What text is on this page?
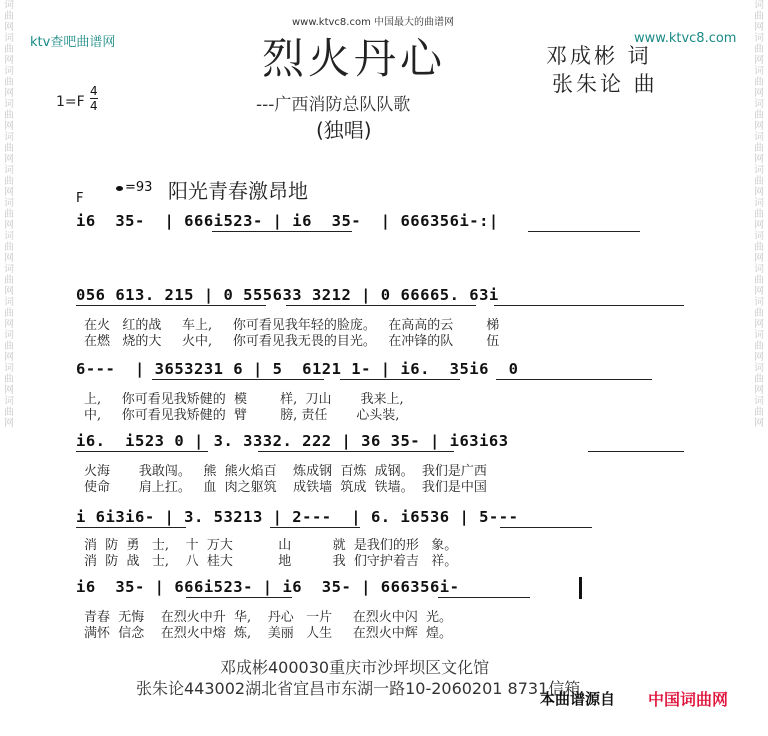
词曲网词曲网词曲网词曲网词曲网词曲网词曲网词曲网词曲网词曲网词曲网词曲网词曲网
词曲网词曲网词曲网词曲网词曲网词曲网词曲网词曲网词曲网词曲网词曲网词曲网词曲网
ktv查吧曲谱网	www.ktvc8.com
www.ktvc8.com 中国最大的曲谱网
烈火丹心
---广西消防总队队歌
(独唱)
邓成彬 词
张朱论 曲
1=F
4
4
F
=93 阳光青春激昂地
i6  35-  | 666i523- | i6  35-  | 666356i-:|
056 613. 215 | 0 555633 3212 | 0 66665. 63i
在火   红的战     车上,     你可看见我年轻的脸庞。   在高高的云        梯
在燃   烧的大     火中,     你可看见我无畏的目光。   在冲锋的队        伍
6---  | 3653231 6 | 5  6121 1- | i6.  35i6  0
上,     你可看见我矫健的  模        样,  刀山       我来上,
中,     你可看见我矫健的  臂        膀, 责任       心头装,
i6.  i523 0 | 3. 3332. 222 | 36 35- | i63i63
火海       我敢闯。   熊  熊火焰百    炼成钢  百炼  成钢。  我们是广西
使命       肩上扛。   血  肉之躯筑    成铁墙  筑成  铁墙。  我们是中国
i 6i3i6- | 3. 53213 | 2---  | 6. i6536 | 5---
消  防  勇   士,    十  万大           山          就  是我们的形   象。
消  防  战   士,    八  桂大           地          我  们守护着吉   祥。
i6  35- | 666i523- | i6  35- | 666356i-
青春  无悔    在烈火中升  华,    丹心   一片     在烈火中闪  光。
满怀  信念    在烈火中熔  炼,    美丽   人生     在烈火中辉  煌。
邓成彬400030重庆市沙坪坝区文化馆
张朱论443002湖北省宜昌市东湖一路10-2060201 8731信箱
本曲谱源自 中国词曲网
